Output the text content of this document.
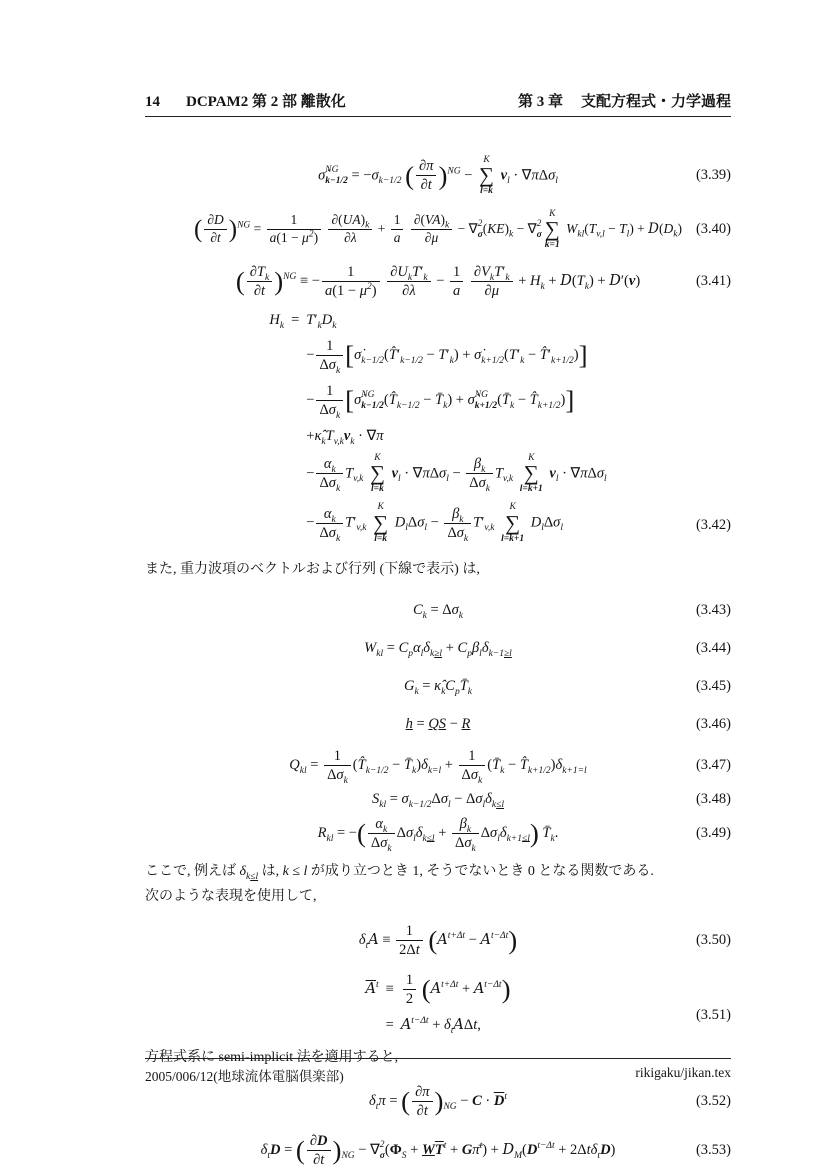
14 DCPAM2 第 2 部 離散化	第 3 章 支配方程式・力学過程
σ̇ NG
$k-1/2 = -\sigma_{k-1/2}$ ( $\frac{\partial\pi}{\partial t} )^{NG}$ −
K
∑
l=k
$v_l \cdot \nabla\pi\Delta\sigma_l$	(3.39)
( $\frac{\partial D}{\partial t} )^{NG} = \frac{1}{a(1 - \mu^2)}$
$\frac{\partial(UA)_k}{\partial\lambda} + \frac{1}{a}$
$\frac{\partial(VA)_k}{\partial\mu}$ − ∇ 2
σ $(KE)_k$ − ∇ 2
σ
K
∑
k=1
$W_{kl}(T_{v,l} - T_l) + D(D_k)$ (3.40)
( $\frac{\partial T_k}{\partial t} )^{NG}$ ≡ − $\frac{1}{a(1 - \mu^2)}$
$\frac{\partial U_kT'_k}{\partial\lambda} - \frac{1}{a}$
$\frac{\partial V_kT'_k}{\partial\mu} + H_k + D(T_k) + D'(v)$	(3.41)
$H_k = T'_kD_k$
− $\frac{1}{\Delta\sigma_k}$ [$\sigmȧ_{k-1/2}(T̂'_{k-1/2} - T'_k)$ + $\sigmȧ_{k+1/2}(T'_k$ − $T̂'_{k+1/2}$)]
− $\frac{1}{\Delta\sigma_k}$ [σ̇ NG
k−1/2 ($T̂_{k-1/2}$ − $T̄_k$) + σ̇ NG
k+1/2 ($T̄_k$ − $T̂_{k+1/2}$)]
$+\kappâ_kT_{v,k}v_k \cdot \nabla\pi$
− $\frac{\alpha_k}{\Delta\sigma_k} T_{v,k}$
K
∑
l=k
$v_l \cdot \nabla\pi\Delta\sigma_l - \frac{\beta_k}{\Delta\sigma_k} T_{v,k}$
K
∑
l=k+1
$v_l \cdot \nabla\pi\Delta\sigma_l$
− $\frac{\alpha_k}{\Delta\sigma_k} T'_{v,k}$
K
∑
l=k
$D_l\Delta\sigma_l - \frac{\beta_k}{\Delta\sigma_k} T'_{v,k}$
K
∑
l=k+1
$D_l\Delta\sigma_l$	(3.42)

また, 重力波項のベクトルおよび行列 (下線で表示) は,

$C_k = \Delta\sigma_k$	(3.43)
$W_{kl} = C_p\alpha_l\delta_{k\ge l} + C_p\beta_l\delta_{k-1\ge l}$	(3.44)
$G_k$ = $\kappâ_kC_pT̄_k$	(3.45)
h = QS − R	(3.46)
$Q_{kl} = \frac{1}{\Delta\sigma_k}$ ($T̂_{k-1/2}$ − $T̄_k)\delta_{k=l} + \frac{1}{\Delta\sigma_k}$ ($T̄_k$ − $T̂_{k+1/2})\delta_{k+1=l}$	(3.47)
$S_{kl} = \sigma_{k-1/2}\Delta\sigma_l - \Delta\sigma_l\delta_{k\le l}$	(3.48)
$R_{kl}$ = −( $\frac{\alpha_k}{\Delta\sigma_k} \Delta\sigma_l\delta_{k\le l} + \frac{\beta_k}{\Delta\sigma_k} \Delta\sigma_l\delta_{k+1\le l}$) $T̄_k$.	(3.49)

ここで, 例えば $\delta_{k\le l}$ は, k ≤ l が成り立つとき 1, そうでないとき 0 となる関数である.

次のような表現を使用して,

$\delta_tA \equiv \frac{1}{2\Delta t} (A^{t+\Delta t} - A^{t-\Delta t})$	(3.50)
$\overline{A}^t \equiv \frac{1}{2} (A^{t+\Delta t} + A^{t-\Delta t})$
= $A^{t-\Delta t} + \delta_tA\Delta t$,
(3.51)

方程式系に semi-implicit 法を適用すると,

$\delta_t\pi$ = ( $\frac{\partial\pi}{\partial t} )_{NG} - C \cdot \overline{D}^t$	(3.52)
$\delta_tD$ = ( $\frac{\partial D}{\partial t} )_{NG}$ − ∇ 2
σ ($\Phi_S + W\overline{T}^t$ + Gπ̄$^t$) + $D_M(D^{t-\Delta t} + 2\Delta t\delta_tD)$	(3.53)
2005/006/12(地球流体電脳倶楽部)	rikigaku/jikan.tex
